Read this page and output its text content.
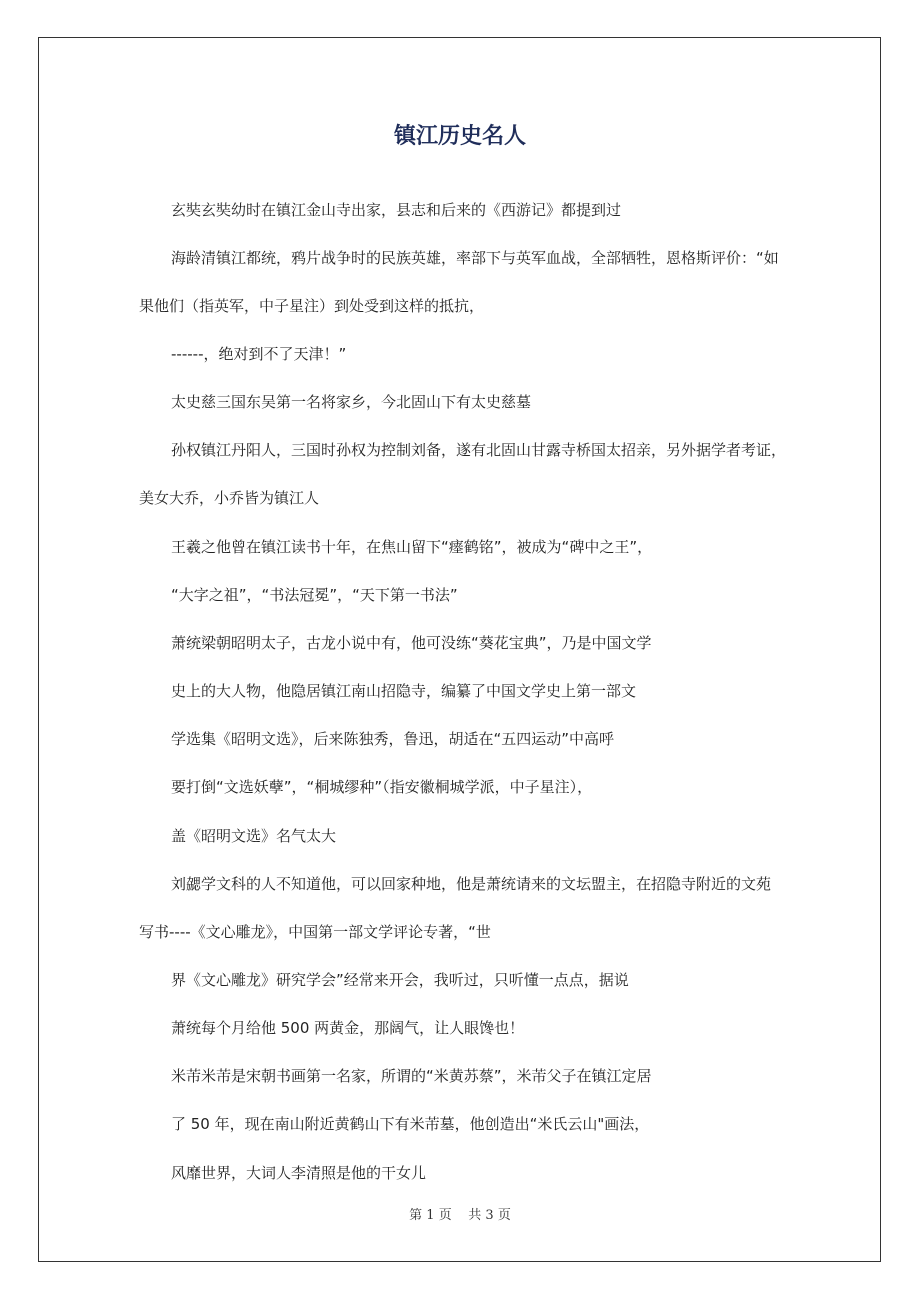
镇江历史名人

玄奘玄奘幼时在镇江金山寺出家，县志和后来的《西游记》都提到过

海龄清镇江都统，鸦片战争时的民族英雄，率部下与英军血战，全部牺牲，恩格斯评价：“如

果他们（指英军，中子星注）到处受到这样的抵抗，

------，绝对到不了天津！”

太史慈三国东吴第一名将家乡，今北固山下有太史慈墓

孙权镇江丹阳人，三国时孙权为控制刘备，遂有北固山甘露寺桥国太招亲，另外据学者考证，

美女大乔，小乔皆为镇江人

王羲之他曾在镇江读书十年，在焦山留下“瘗鹤铭”，被成为“碑中之王”，

“大字之祖”，“书法冠冕”，“天下第一书法”

萧统梁朝昭明太子，古龙小说中有，他可没练“葵花宝典”，乃是中国文学

史上的大人物，他隐居镇江南山招隐寺，编纂了中国文学史上第一部文

学选集《昭明文选》，后来陈独秀，鲁迅，胡适在“五四运动”中高呼

要打倒“文选妖孽”，“桐城缪种”（指安徽桐城学派，中子星注），

盖《昭明文选》名气太大

刘勰学文科的人不知道他，可以回家种地，他是萧统请来的文坛盟主，在招隐寺附近的文苑

写书----《文心雕龙》，中国第一部文学评论专著，“世

界《文心雕龙》研究学会”经常来开会，我听过，只听懂一点点，据说

萧统每个月给他 500 两黄金，那阔气，让人眼馋也！

米芾米芾是宋朝书画第一名家，所谓的“米黄苏蔡”，米芾父子在镇江定居

了 50 年，现在南山附近黄鹤山下有米芾墓，他创造出“米氏云山"画法，

风靡世界，大词人李清照是他的干女儿

第 1 页 共 3 页
